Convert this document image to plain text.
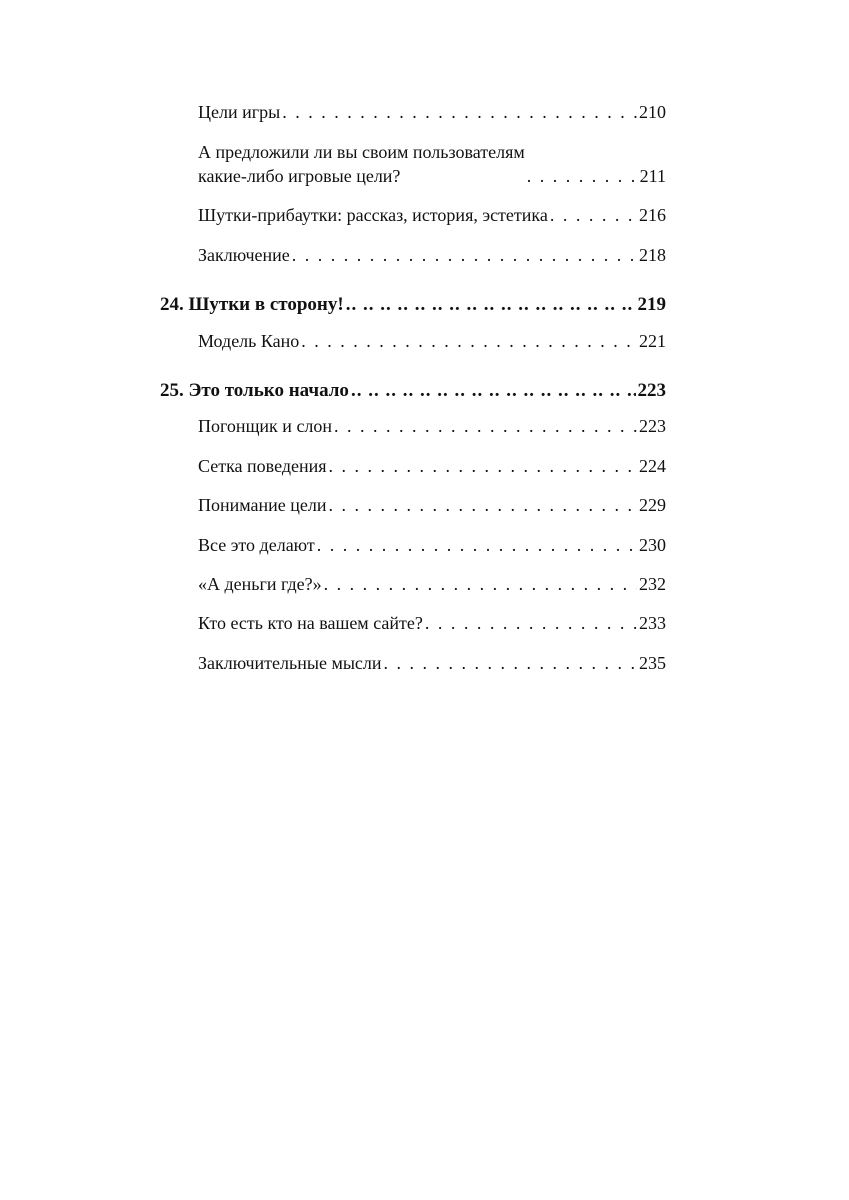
Цели игры . . .	210
А предложили ли вы своим пользователям
какие-либо игровые цели? . . .	211
Шутки-прибаутки: рассказ, история, эстетика . . .	216
Заключение . . .	218
24. Шутки в сторону! .. ..	219
Модель Кано . . .	221
25. Это только начало .. ..	223
Погонщик и слон . . .	223
Сетка поведения . . .	224
Понимание цели . . .	229
Все это делают . . .	230
«А деньги где?» . . .	232
Кто есть кто на вашем сайте? . . .	233
Заключительные мысли . . .	235
